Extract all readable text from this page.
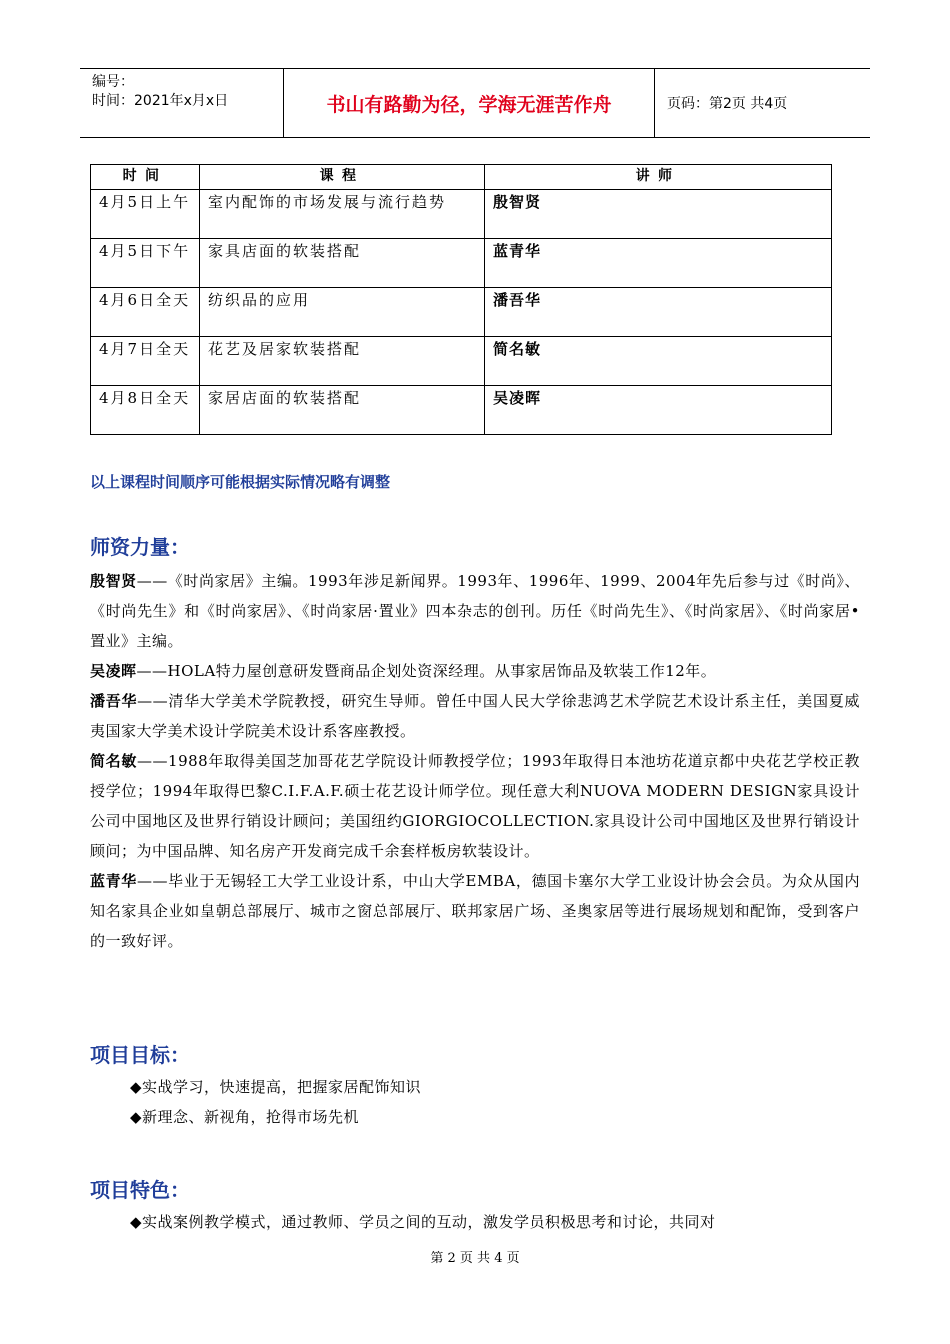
编号：
时间：2021年x月x日	书山有路勤为径，学海无涯苦作舟	页码：第2页 共4页
时间	课程	讲师
4月5日上午	室内配饰的市场发展与流行趋势	殷智贤
4月5日下午	家具店面的软装搭配	蓝青华
4月6日全天	纺织品的应用	潘吾华
4月7日全天	花艺及居家软装搭配	简名敏
4月8日全天	家居店面的软装搭配	吴凌晖
以上课程时间顺序可能根据实际情况略有调整
师资力量：

殷智贤——《时尚家居》主编。1993年涉足新闻界。1993年、1996年、1999、2004年先后参与过《时尚》、《时尚先生》和《时尚家居》、《时尚家居·置业》四本杂志的创刊。历任《时尚先生》、《时尚家居》、《时尚家居•置业》主编。

吴凌晖——HOLA特力屋创意研发暨商品企划处资深经理。从事家居饰品及软装工作12年。

潘吾华——清华大学美术学院教授，研究生导师。曾任中国人民大学徐悲鸿艺术学院艺术设计系主任，美国夏威夷国家大学美术设计学院美术设计系客座教授。

简名敏——1988年取得美国芝加哥花艺学院设计师教授学位；1993年取得日本池坊花道京都中央花艺学校正教授学位；1994年取得巴黎C.I.F.A.F.硕士花艺设计师学位。现任意大利NUOVA MODERN DESIGN家具设计公司中国地区及世界行销设计顾问；美国纽约GIORGIOCOLLECTION.家具设计公司中国地区及世界行销设计顾问；为中国品牌、知名房产开发商完成千余套样板房软装设计。

蓝青华——毕业于无锡轻工大学工业设计系，中山大学EMBA，德国卡塞尔大学工业设计协会会员。为众从国内知名家具企业如皇朝总部展厅、城市之窗总部展厅、联邦家居广场、圣奥家居等进行展场规划和配饰，受到客户的一致好评。

项目目标：
◆实战学习，快速提高，把握家居配饰知识
◆新理念、新视角，抢得市场先机
项目特色：
◆实战案例教学模式，通过教师、学员之间的互动，激发学员积极思考和讨论，共同对
第 2 页 共 4 页
